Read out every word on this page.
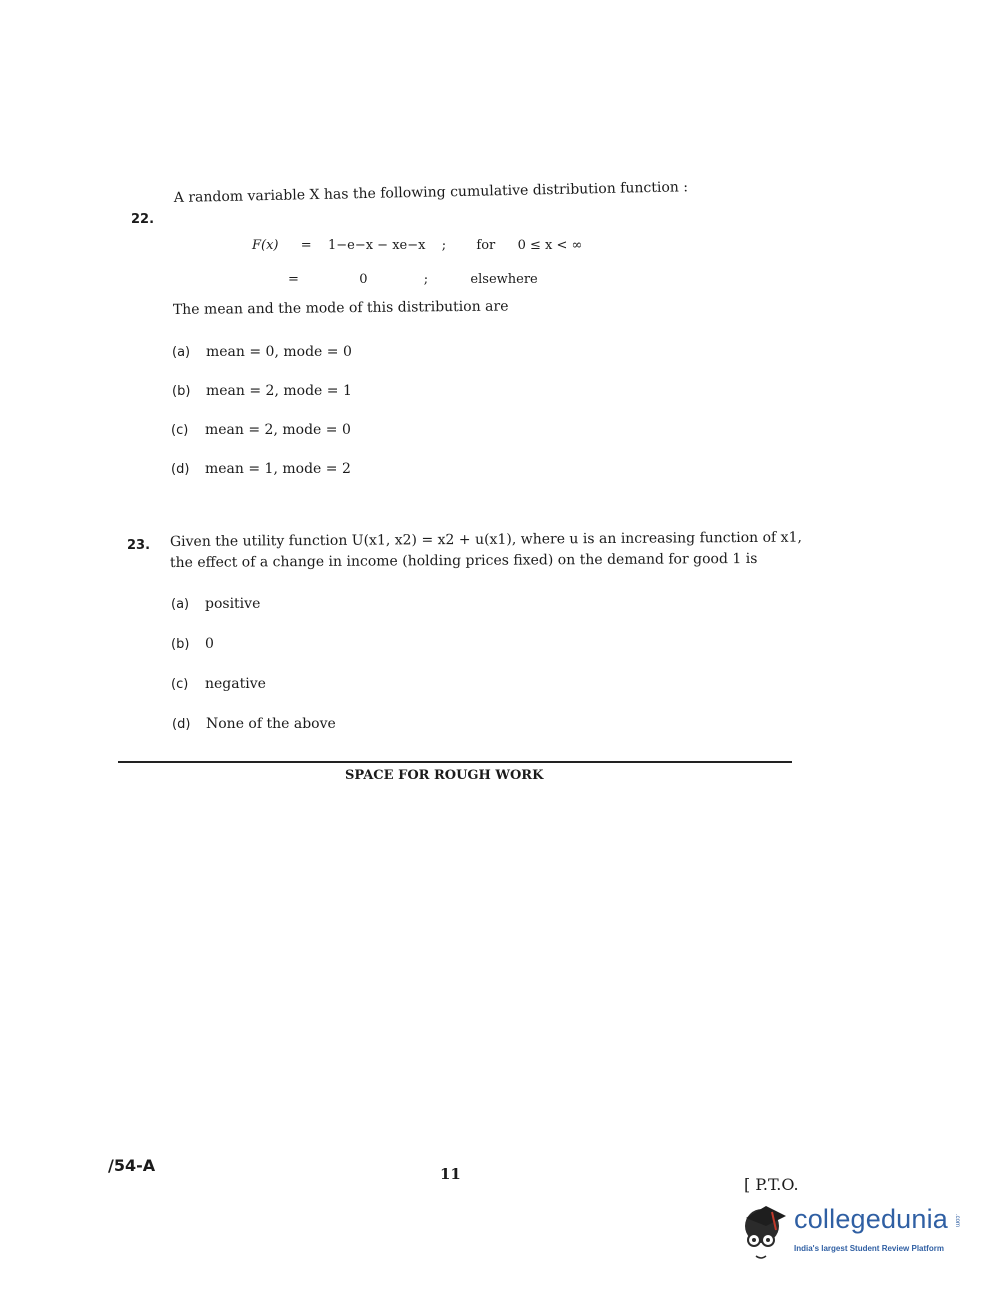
22.
A random variable X has the following cumulative distribution function :
F(x) = 1−e−x − xe−x ; for 0 ≤ x < ∞
=	0	;	elsewhere
The mean and the mode of this distribution are
(a) mean = 0, mode = 0
(b) mean = 2, mode = 1
(c) mean = 2, mode = 0
(d) mean = 1, mode = 2
23. Given the utility function U(x1, x2) = x2 + u(x1), where u is an increasing function of x1,
the effect of a change in income (holding prices fixed) on the demand for good 1 is
(a) positive
(b) 0
(c) negative
(d) None of the above
SPACE FOR ROUGH WORK
/54-A	11
[ P.T.O.
collegedunia .com
India's largest Student Review Platform
